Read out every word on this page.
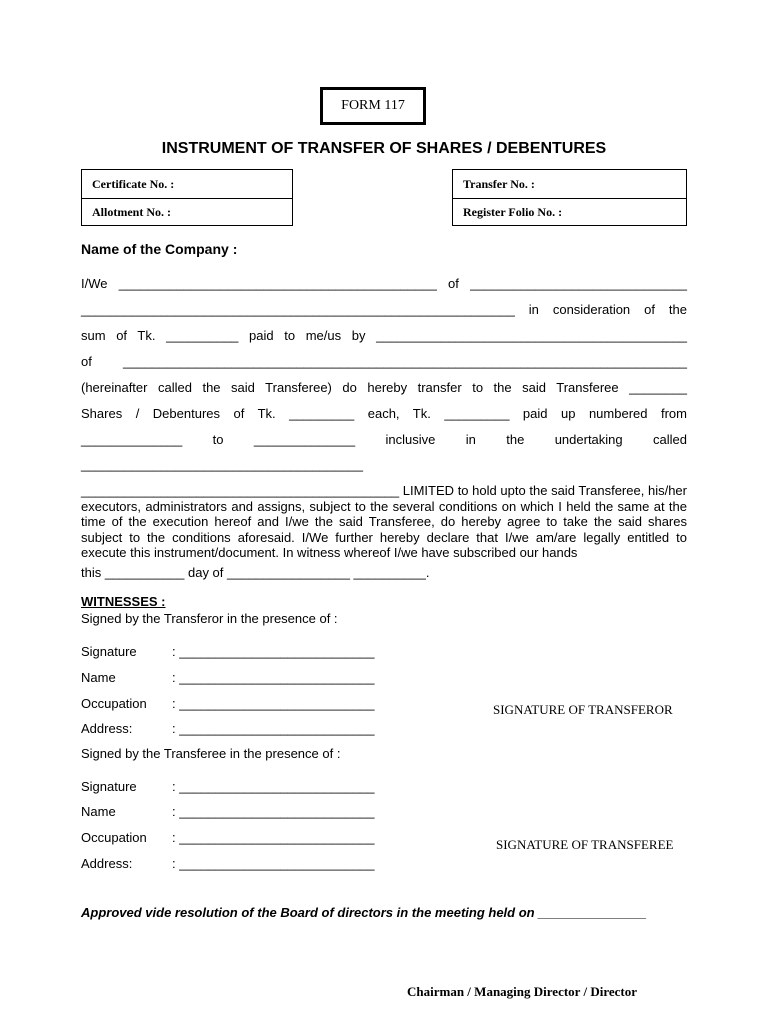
FORM 117
INSTRUMENT OF TRANSFER OF SHARES / DEBENTURES
Certificate No. :
Allotment No. :
Transfer No. :
Register Folio No. :
Name of the Company :
I/We ____________________________________________ of ______________________________
____________________________________________________________ in consideration of the
sum of Tk. __________ paid to me/us by ___________________________________________
of ______________________________________________________________________________
(hereinafter called the said Transferee) do hereby transfer to the said Transferee ________
Shares / Debentures of Tk. _________ each, Tk. _________ paid up numbered from
______________ to ______________ inclusive in the undertaking called
_______________________________________
____________________________________________ LIMITED to hold upto the said Transferee, his/her executors, administrators and assigns, subject to the several conditions on which I held the same at the time of the execution hereof and I/we the said Transferee, do hereby agree to take the said shares subject to the conditions aforesaid. I/We further hereby declare that I/we am/are legally entitled to execute this instrument/document. In witness whereof I/we have subscribed our hands
this ___________ day of _________________ __________.
WITNESSES :
Signed by the Transferor in the presence of :
Signature	: ___________________________
Name	: ___________________________
Occupation : ___________________________
Address:	: ___________________________
SIGNATURE OF TRANSFEROR
Signed by the Transferee in the presence of :
Signature	: ___________________________
Name	: ___________________________
Occupation : ___________________________
Address:	: ___________________________
SIGNATURE OF TRANSFEREE
Approved vide resolution of the Board of directors in the meeting held on _______________
Chairman / Managing Director / Director
